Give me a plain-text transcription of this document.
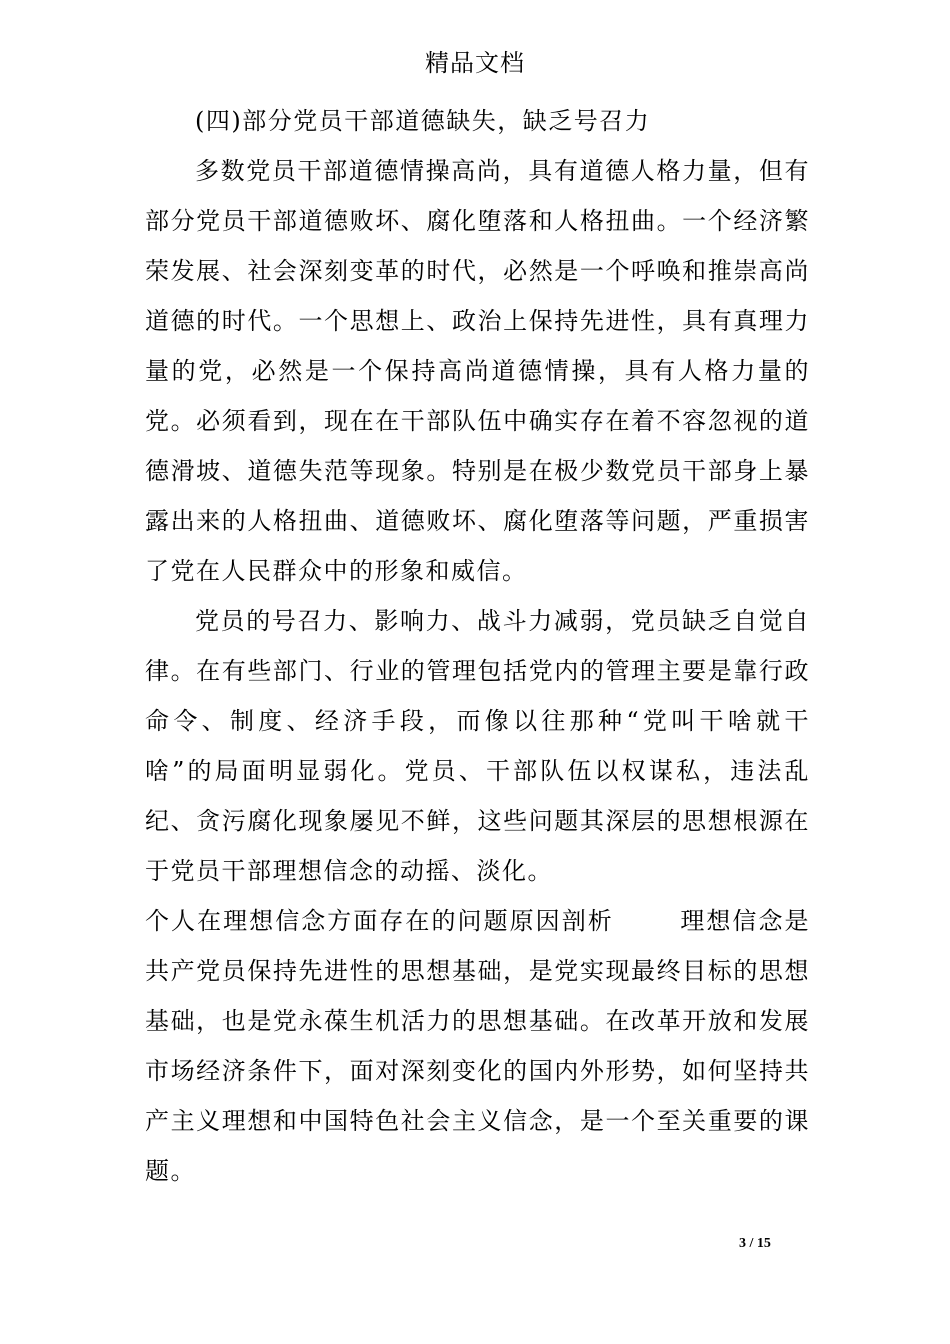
精品文档

(四)部分党员干部道德缺失，缺乏号召力

多数党员干部道德情操高尚，具有道德人格力量，但有部分党员干部道德败坏、腐化堕落和人格扭曲。一个经济繁荣发展、社会深刻变革的时代，必然是一个呼唤和推崇高尚道德的时代。一个思想上、政治上保持先进性，具有真理力量的党，必然是一个保持高尚道德情操，具有人格力量的党。必须看到，现在在干部队伍中确实存在着不容忽视的道德滑坡、道德失范等现象。特别是在极少数党员干部身上暴露出来的人格扭曲、道德败坏、腐化堕落等问题，严重损害了党在人民群众中的形象和威信。

党员的号召力、影响力、战斗力减弱，党员缺乏自觉自律。在有些部门、行业的管理包括党内的管理主要是靠行政命令、制度、经济手段，而像以往那种“党叫干啥就干啥”的局面明显弱化。党员、干部队伍以权谋私，违法乱纪、贪污腐化现象屡见不鲜，这些问题其深层的思想根源在于党员干部理想信念的动摇、淡化。

个人在理想信念方面存在的问题原因剖析	理想信念是共产党员保持先进性的思想基础，是党实现最终目标的思想基础，也是党永葆生机活力的思想基础。在改革开放和发展市场经济条件下，面对深刻变化的国内外形势，如何坚持共产主义理想和中国特色社会主义信念，是一个至关重要的课题。

3 / 15
